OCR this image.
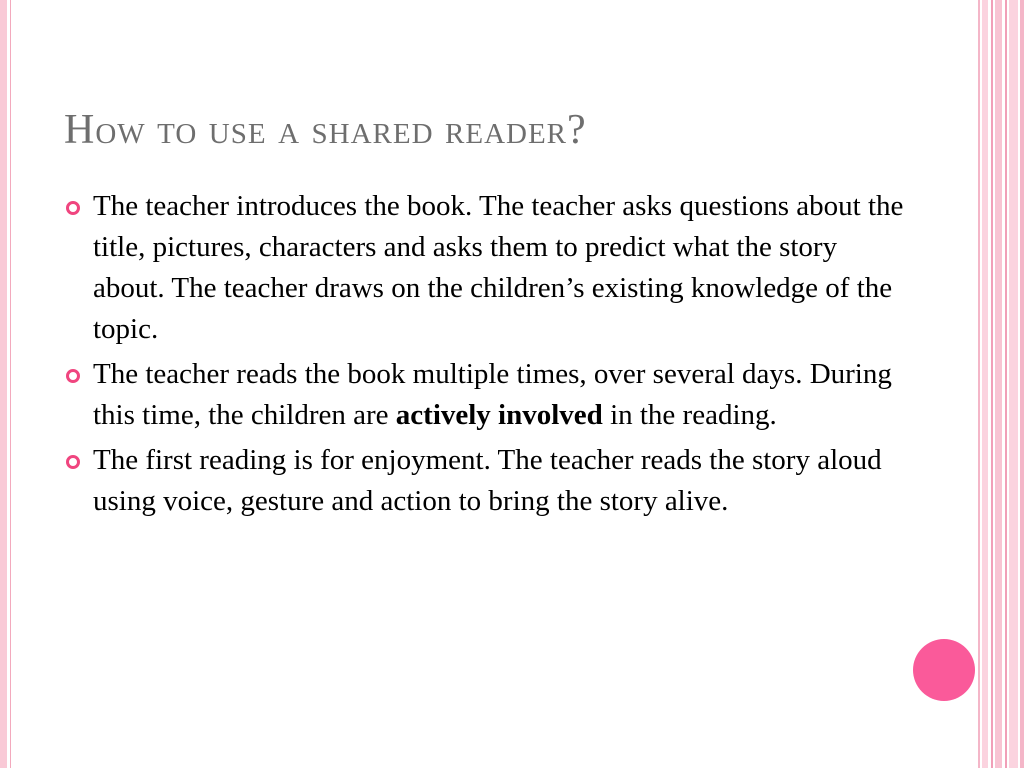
How to use a shared reader?
The teacher introduces the book. The teacher asks questions about the title, pictures, characters and asks them to predict what the story about. The teacher draws on the children’s existing knowledge of the topic.
The teacher reads the book multiple times, over several days. During this time, the children are actively involved in the reading.
The first reading is for enjoyment. The teacher reads the story aloud using voice, gesture and action to bring the story alive.
